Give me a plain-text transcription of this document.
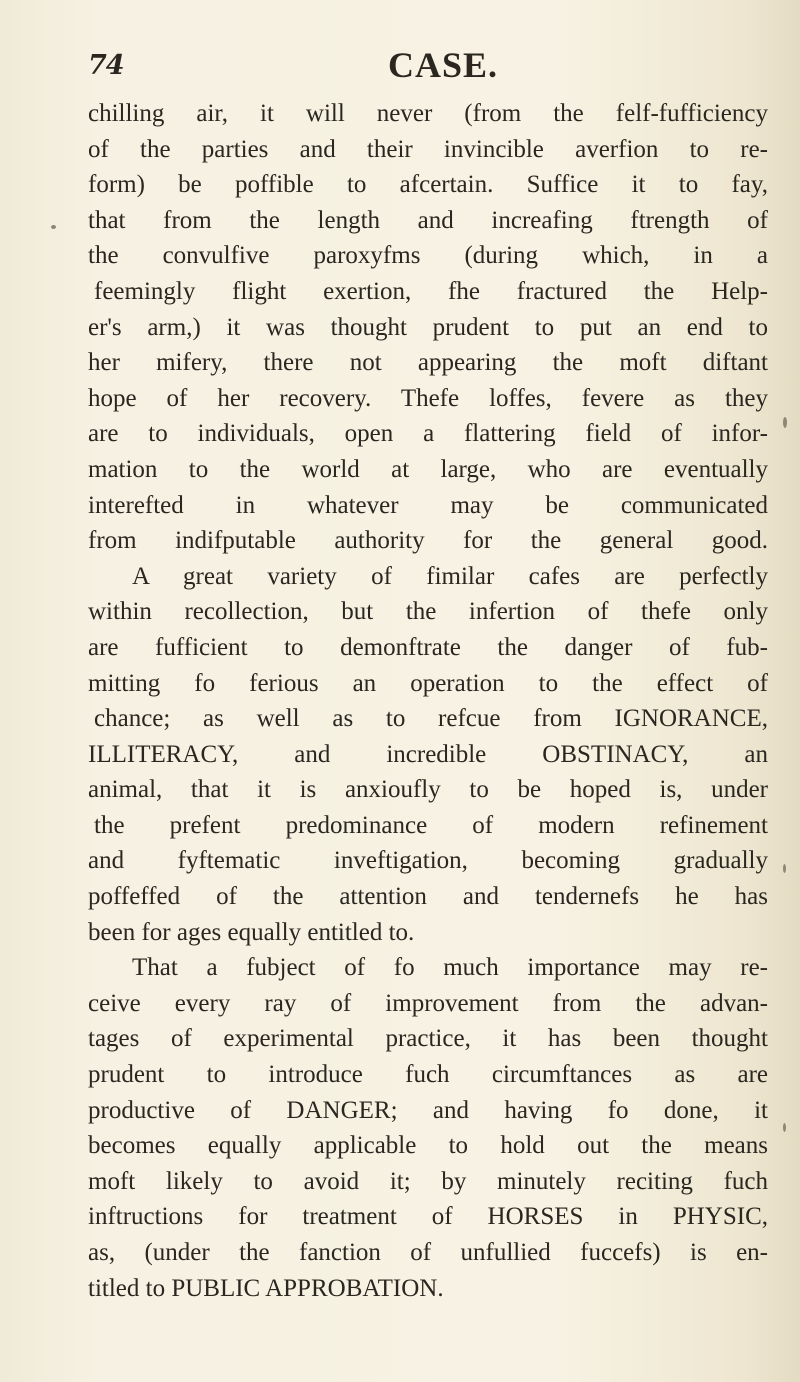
74	CASE.
chilling air, it will never (from the felf-fufficiency
of the parties and their invincible averfion to re-
form) be poffible to afcertain. Suffice it to fay,
that from the length and increafing ftrength of
the convulfive paroxyfms (during which, in a
feemingly flight exertion, fhe fractured the Help-
er's arm,) it was thought prudent to put an end to
her mifery, there not appearing the moft diftant
hope of her recovery. Thefe loffes, fevere as they
are to individuals, open a flattering field of infor-
mation to the world at large, who are eventually
interefted in whatever may be communicated
from indifputable authority for the general good.
A great variety of fimilar cafes are perfectly
within recollection, but the infertion of thefe only
are fufficient to demonftrate the danger of fub-
mitting fo ferious an operation to the effect of
chance; as well as to refcue from IGNORANCE,
ILLITERACY, and incredible OBSTINACY, an
animal, that it is anxioufly to be hoped is, under
the prefent predominance of modern refinement
and fyftematic inveftigation, becoming gradually
poffeffed of the attention and tendernefs he has
been for ages equally entitled to.
That a fubject of fo much importance may re-
ceive every ray of improvement from the advan-
tages of experimental practice, it has been thought
prudent to introduce fuch circumftances as are
productive of DANGER; and having fo done, it
becomes equally applicable to hold out the means
moft likely to avoid it; by minutely reciting fuch
inftructions for treatment of HORSES in PHYSIC,
as, (under the fanction of unfullied fuccefs) is en-
titled to PUBLIC APPROBATION.
